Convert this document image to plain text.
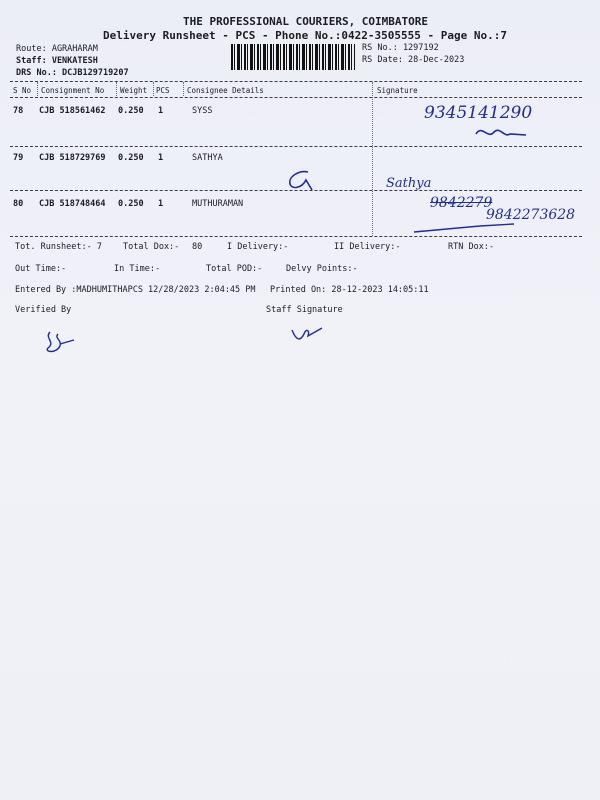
THE PROFESSIONAL COURIERS, COIMBATORE
Delivery Runsheet - PCS - Phone No.:0422-3505555 - Page No.:7
Route: AGRAHARAM
Staff: VENKATESH
DRS No.: DCJB129719207
RS No.: 1297192
RS Date: 28-Dec-2023
S No Consignment No Weight PCS Consignee Details	Signature
78 CJB 518561462 0.250 1	SYSS	9345141290
79 CJB 518729769 0.250 1	SATHYA
Sathya
80 CJB 518748464 0.250 1	MUTHURAMAN	9842279
9842273628
Tot. Runsheet:- 7 Total Dox:- 80	I Delivery:-	II Delivery:-	RTN Dox:-
Out Time:-	In Time:-	Total POD:-	Delvy Points:-
Entered By :MADHUMITHAPCS 12/28/2023 2:04:45 PM Printed On: 28-12-2023 14:05:11
Verified By	Staff Signature
